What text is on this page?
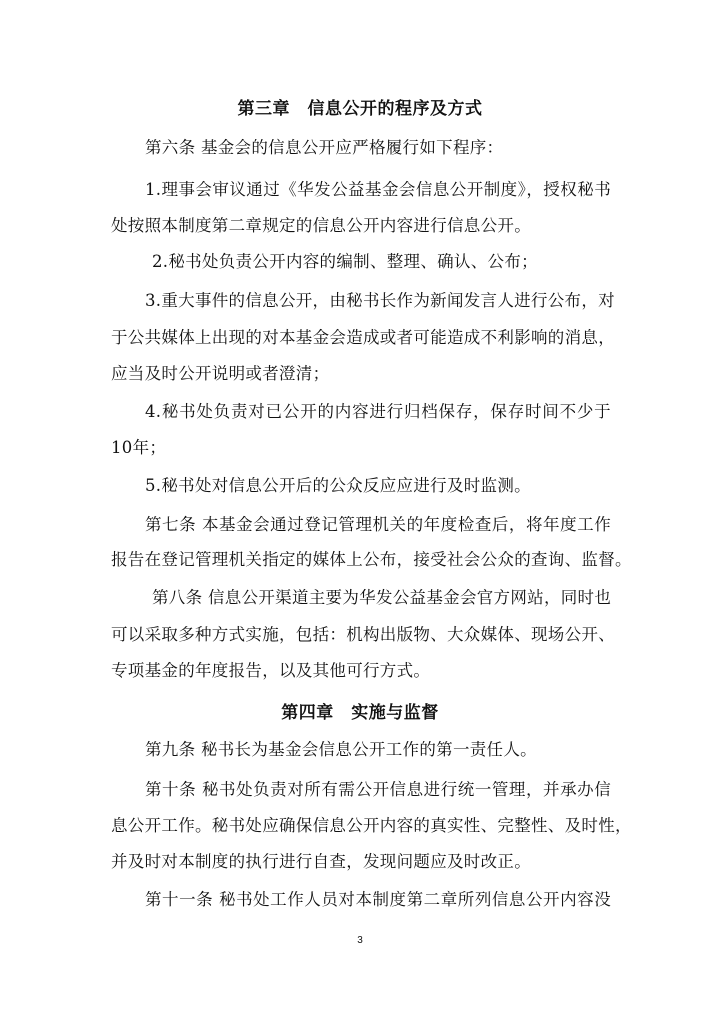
第三章　信息公开的程序及方式
第六条 基金会的信息公开应严格履行如下程序：
1.理事会审议通过《华发公益基金会信息公开制度》，授权秘书
处按照本制度第二章规定的信息公开内容进行信息公开。
2.秘书处负责公开内容的编制、整理、确认、公布；
3.重大事件的信息公开，由秘书长作为新闻发言人进行公布，对
于公共媒体上出现的对本基金会造成或者可能造成不利影响的消息，
应当及时公开说明或者澄清；
4.秘书处负责对已公开的内容进行归档保存，保存时间不少于
10年；
5.秘书处对信息公开后的公众反应应进行及时监测。
第七条 本基金会通过登记管理机关的年度检查后，将年度工作
报告在登记管理机关指定的媒体上公布，接受社会公众的查询、监督。
第八条 信息公开渠道主要为华发公益基金会官方网站，同时也
可以采取多种方式实施，包括：机构出版物、大众媒体、现场公开、
专项基金的年度报告，以及其他可行方式。
第四章　实施与监督
第九条 秘书长为基金会信息公开工作的第一责任人。
第十条 秘书处负责对所有需公开信息进行统一管理，并承办信
息公开工作。秘书处应确保信息公开内容的真实性、完整性、及时性，
并及时对本制度的执行进行自查，发现问题应及时改正。
第十一条 秘书处工作人员对本制度第二章所列信息公开内容没
3
